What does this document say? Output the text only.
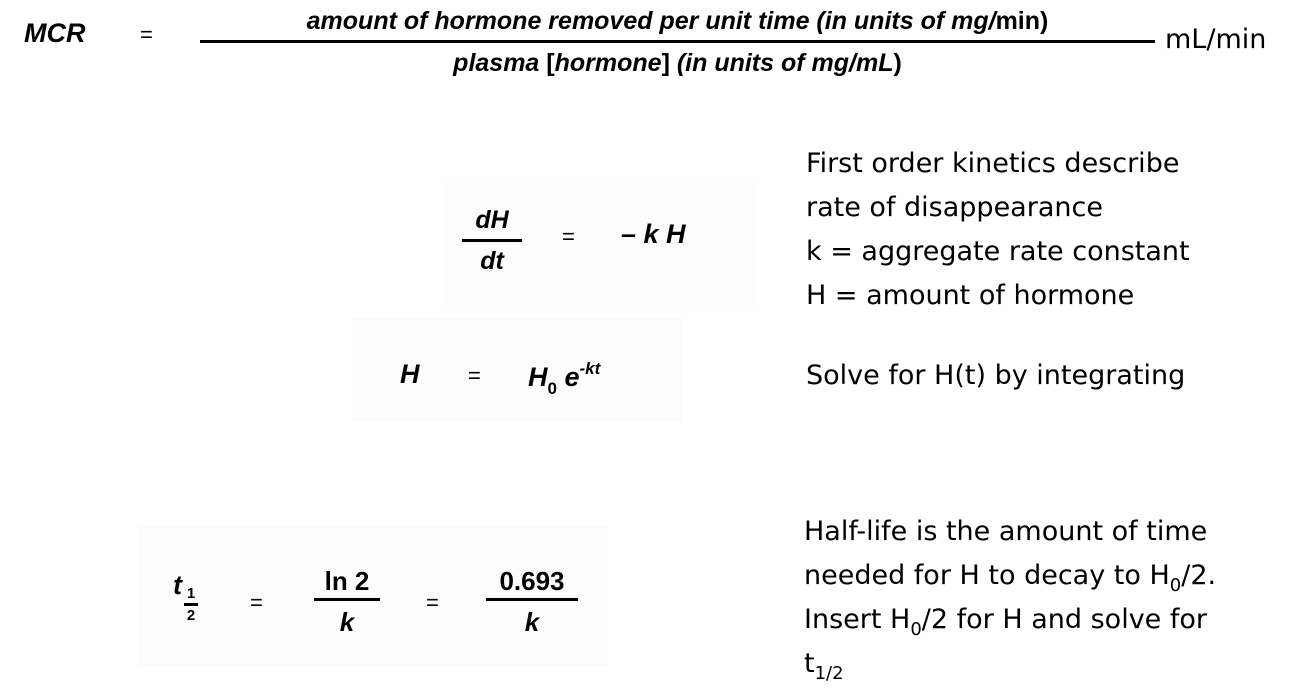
MCR =	amount of hormone removed per unit time (in units of mg/min)
plasma [hormone] (in units of mg/mL)
mL/min
dH
dt
= – k H
$H = H_0$ $e^{-kt}$
$t\frac{1}{2}$ =
ln 2
k
=
0.693
k
First order kinetics describe
rate of disappearance
k = aggregate rate constant
H = amount of hormone
Solve for H(t) by integrating
Half-life is the amount of time
needed for H to decay to $H_0/2$.
Insert $H_0/2$ for H and solve for
$t_{1/2}$
